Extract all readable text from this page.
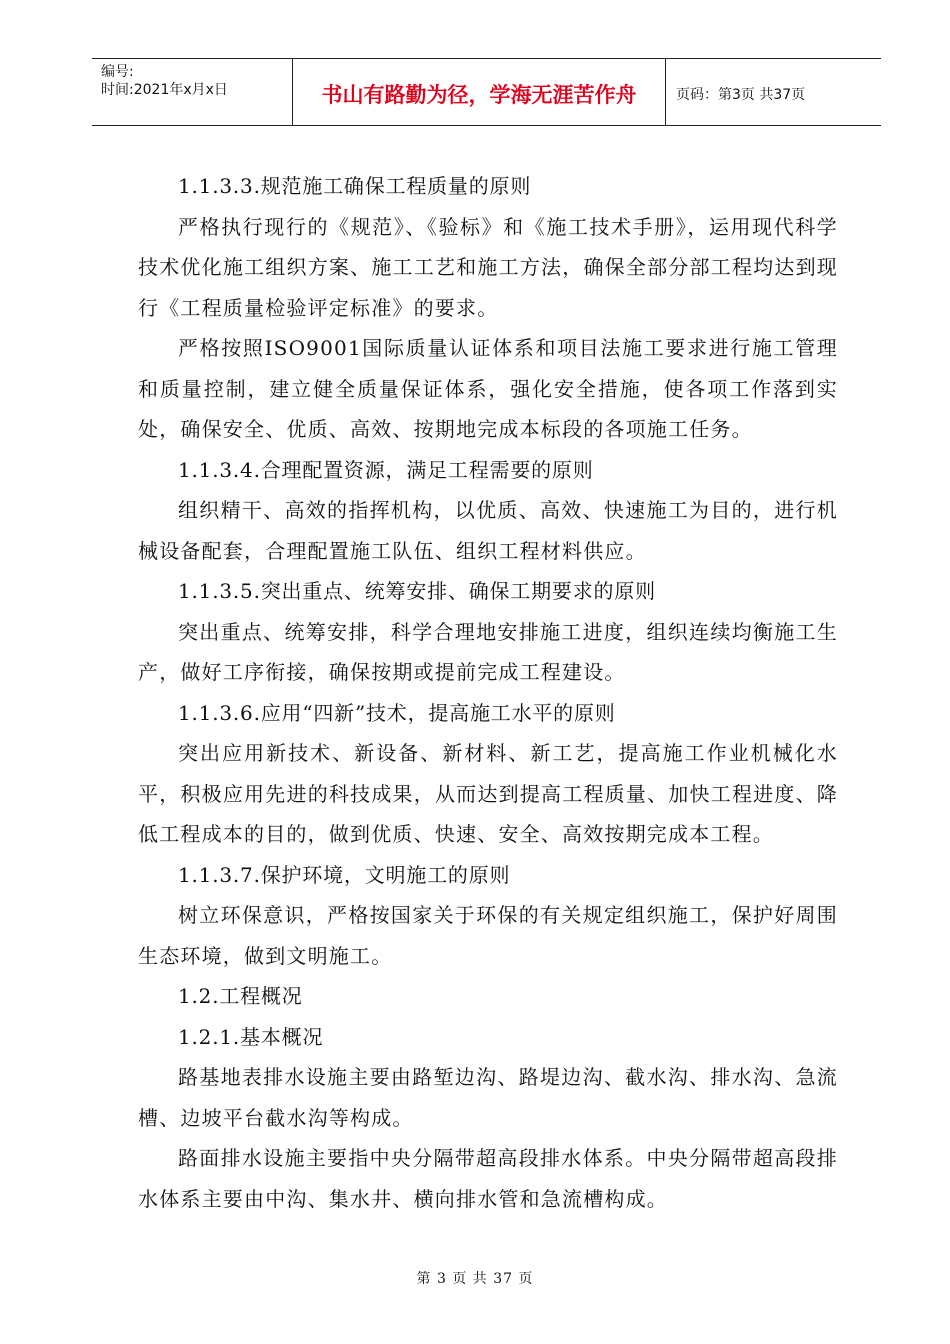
编号:
时间:2021年x月x日	书山有路勤为径，学海无涯苦作舟	页码：第3页 共37页

1.1.3.3.规范施工确保工程质量的原则

严格执行现行的《规范》、《验标》和《施工技术手册》，运用现代科学技术优化施工组织方案、施工工艺和施工方法，确保全部分部工程均达到现行《工程质量检验评定标准》的要求。

严格按照ISO9001国际质量认证体系和项目法施工要求进行施工管理和质量控制，建立健全质量保证体系，强化安全措施，使各项工作落到实处，确保安全、优质、高效、按期地完成本标段的各项施工任务。

1.1.3.4.合理配置资源，满足工程需要的原则

组织精干、高效的指挥机构，以优质、高效、快速施工为目的，进行机械设备配套，合理配置施工队伍、组织工程材料供应。

1.1.3.5.突出重点、统筹安排、确保工期要求的原则

突出重点、统筹安排，科学合理地安排施工进度，组织连续均衡施工生产，做好工序衔接，确保按期或提前完成工程建设。

1.1.3.6.应用“四新”技术，提高施工水平的原则

突出应用新技术、新设备、新材料、新工艺，提高施工作业机械化水平，积极应用先进的科技成果，从而达到提高工程质量、加快工程进度、降低工程成本的目的，做到优质、快速、安全、高效按期完成本工程。

1.1.3.7.保护环境，文明施工的原则

树立环保意识，严格按国家关于环保的有关规定组织施工，保护好周围生态环境，做到文明施工。

1.2.工程概况

1.2.1.基本概况

路基地表排水设施主要由路堑边沟、路堤边沟、截水沟、排水沟、急流槽、边坡平台截水沟等构成。

路面排水设施主要指中央分隔带超高段排水体系。中央分隔带超高段排水体系主要由中沟、集水井、横向排水管和急流槽构成。

第 3 页 共 37 页
